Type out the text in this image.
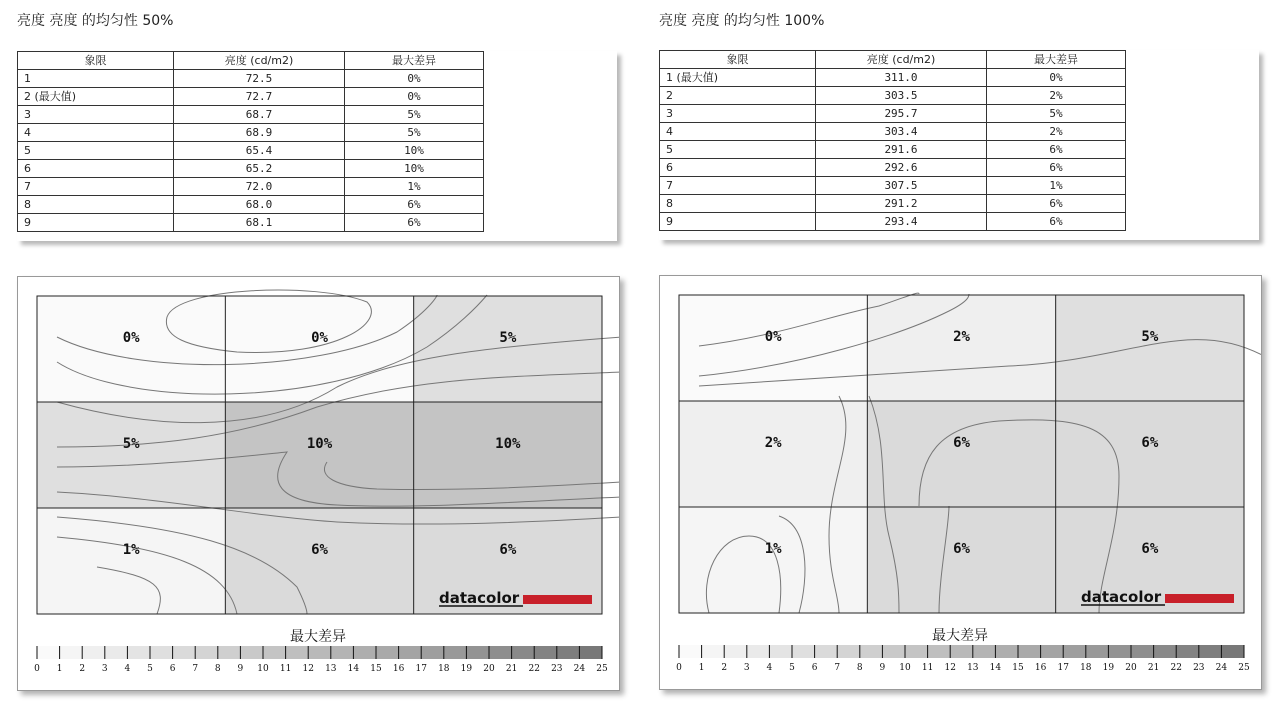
亮度 亮度 的均匀性 50%
象限	亮度 (cd/m2)	最大差异
1	72.5	0%
2 (最大值)	72.7	0%
3	68.7	5%
4	68.9	5%
5	65.4	10%
6	65.2	10%
7	72.0	1%
8	68.0	6%
9	68.1	6%
0%	0%	5%
5%	10%	10%
1%	6%	6%
datacolor
最大差异
0 1 2 3 4 5 6 7 8 9 10 11 12 13 14 15 16 17 18 19 20 21 22 23 24 25
亮度 亮度 的均匀性 100%
象限	亮度 (cd/m2)	最大差异
1 (最大值)	311.0	0%
2	303.5	2%
3	295.7	5%
4	303.4	2%
5	291.6	6%
6	292.6	6%
7	307.5	1%
8	291.2	6%
9	293.4	6%
0%	2%	5%
2%	6%	6%
1%	6%	6%
datacolor
最大差异
0 1 2 3 4 5 6 7 8 9 10 11 12 13 14 15 16 17 18 19 20 21 22 23 24 25
